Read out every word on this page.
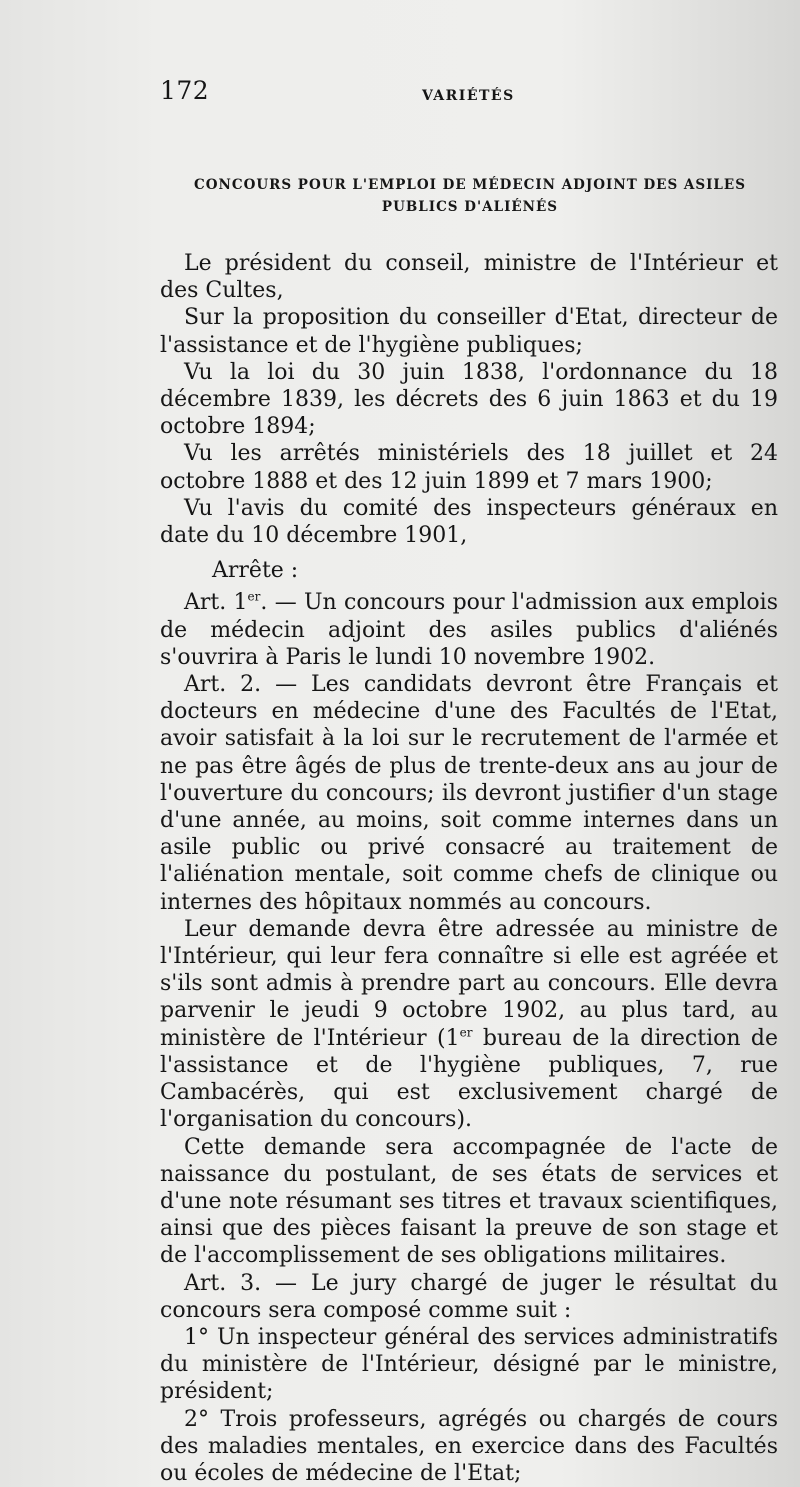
172	VARIÉTÉS
CONCOURS POUR L'EMPLOI DE MÉDECIN ADJOINT DES ASILES
PUBLICS D'ALIÉNÉS

Le président du conseil, ministre de l'Intérieur et des Cultes,

Sur la proposition du conseiller d'Etat, directeur de l'assistance et de l'hygiène publiques;

Vu la loi du 30 juin 1838, l'ordonnance du 18 décembre 1839, les décrets des 6 juin 1863 et du 19 octobre 1894;

Vu les arrêtés ministériels des 18 juillet et 24 octobre 1888 et des 12 juin 1899 et 7 mars 1900;

Vu l'avis du comité des inspecteurs généraux en date du 10 décembre 1901,

Arrête :

Art. 1er. — Un concours pour l'admission aux emplois de médecin adjoint des asiles publics d'aliénés s'ouvrira à Paris le lundi 10 novembre 1902.

Art. 2. — Les candidats devront être Français et docteurs en médecine d'une des Facultés de l'Etat, avoir satisfait à la loi sur le recrutement de l'armée et ne pas être âgés de plus de trente-deux ans au jour de l'ouverture du concours; ils devront justifier d'un stage d'une année, au moins, soit comme internes dans un asile public ou privé consacré au traitement de l'aliénation mentale, soit comme chefs de clinique ou internes des hôpitaux nommés au concours.

Leur demande devra être adressée au ministre de l'Intérieur, qui leur fera connaître si elle est agréée et s'ils sont admis à prendre part au concours. Elle devra parvenir le jeudi 9 octobre 1902, au plus tard, au ministère de l'Intérieur (1er bureau de la direction de l'assistance et de l'hygiène publiques, 7, rue Cambacérès, qui est exclusivement chargé de l'organisation du concours).

Cette demande sera accompagnée de l'acte de naissance du postulant, de ses états de services et d'une note résumant ses titres et travaux scientifiques, ainsi que des pièces faisant la preuve de son stage et de l'accomplissement de ses obligations militaires.

Art. 3. — Le jury chargé de juger le résultat du concours sera composé comme suit :

1° Un inspecteur général des services administratifs du ministère de l'Intérieur, désigné par le ministre, président;

2° Trois professeurs, agrégés ou chargés de cours des maladies mentales, en exercice dans des Facultés ou écoles de médecine de l'Etat;
